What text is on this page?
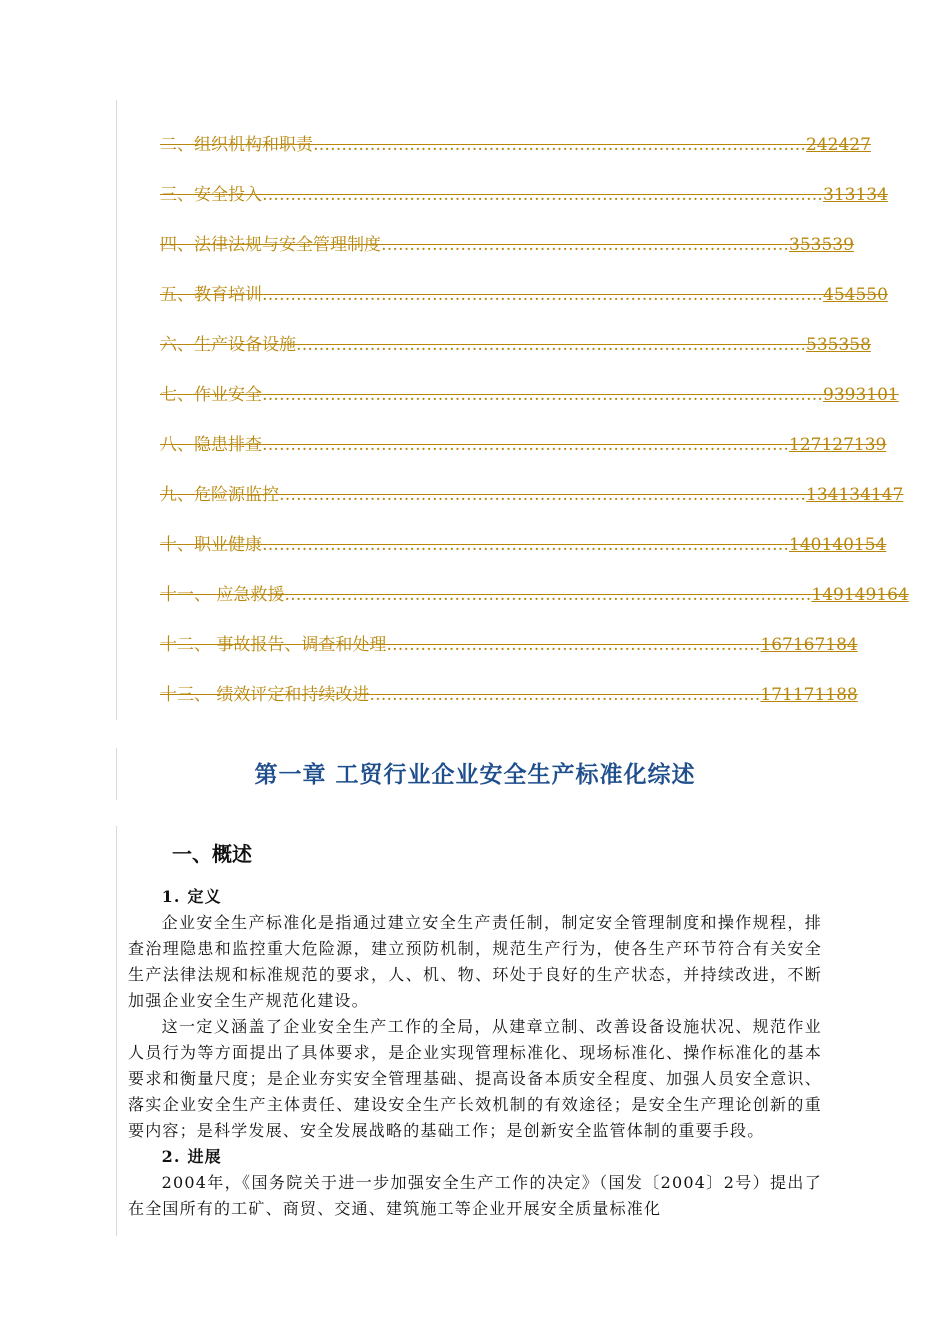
二、组织机构和职责 …………………………………………………………………………… 242427
三、安全投入 ……………………………………………………………………………………… 313134
四、法律法规与安全管理制度 ……………………………………………………………… 353539
五、教育培训 ……………………………………………………………………………………… 454550
六、生产设备设施 ……………………………………………………………………………… 535358
七、作业安全 ……………………………………………………………………………………… 9393101
八、隐患排查 ………………………………………………………………………………… 127127139
九、危险源监控 ………………………………………………………………………………… 134134147
十、职业健康 ………………………………………………………………………………… 140140154
十一、 应急救援 ………………………………………………………………………………… 149149164
十二、 事故报告、调查和处理 ………………………………………………………… 167167184
十三、 绩效评定和持续改进 …………………………………………………………… 171171188
第一章 工贸行业企业安全生产标准化综述
一、概述

1. 定义

企业安全生产标准化是指通过建立安全生产责任制，制定安全管理制度和操作规程，排查治理隐患和监控重大危险源，建立预防机制，规范生产行为，使各生产环节符合有关安全生产法律法规和标准规范的要求，人、机、物、环处于良好的生产状态，并持续改进，不断加强企业安全生产规范化建设。

这一定义涵盖了企业安全生产工作的全局，从建章立制、改善设备设施状况、规范作业人员行为等方面提出了具体要求，是企业实现管理标准化、现场标准化、操作标准化的基本要求和衡量尺度；是企业夯实安全管理基础、提高设备本质安全程度、加强人员安全意识、落实企业安全生产主体责任、建设安全生产长效机制的有效途径；是安全生产理论创新的重要内容；是科学发展、安全发展战略的基础工作；是创新安全监管体制的重要手段。

2. 进展

2004年，《国务院关于进一步加强安全生产工作的决定》（国发〔2004〕2号）提出了在全国所有的工矿、商贸、交通、建筑施工等企业开展安全质量标准化
